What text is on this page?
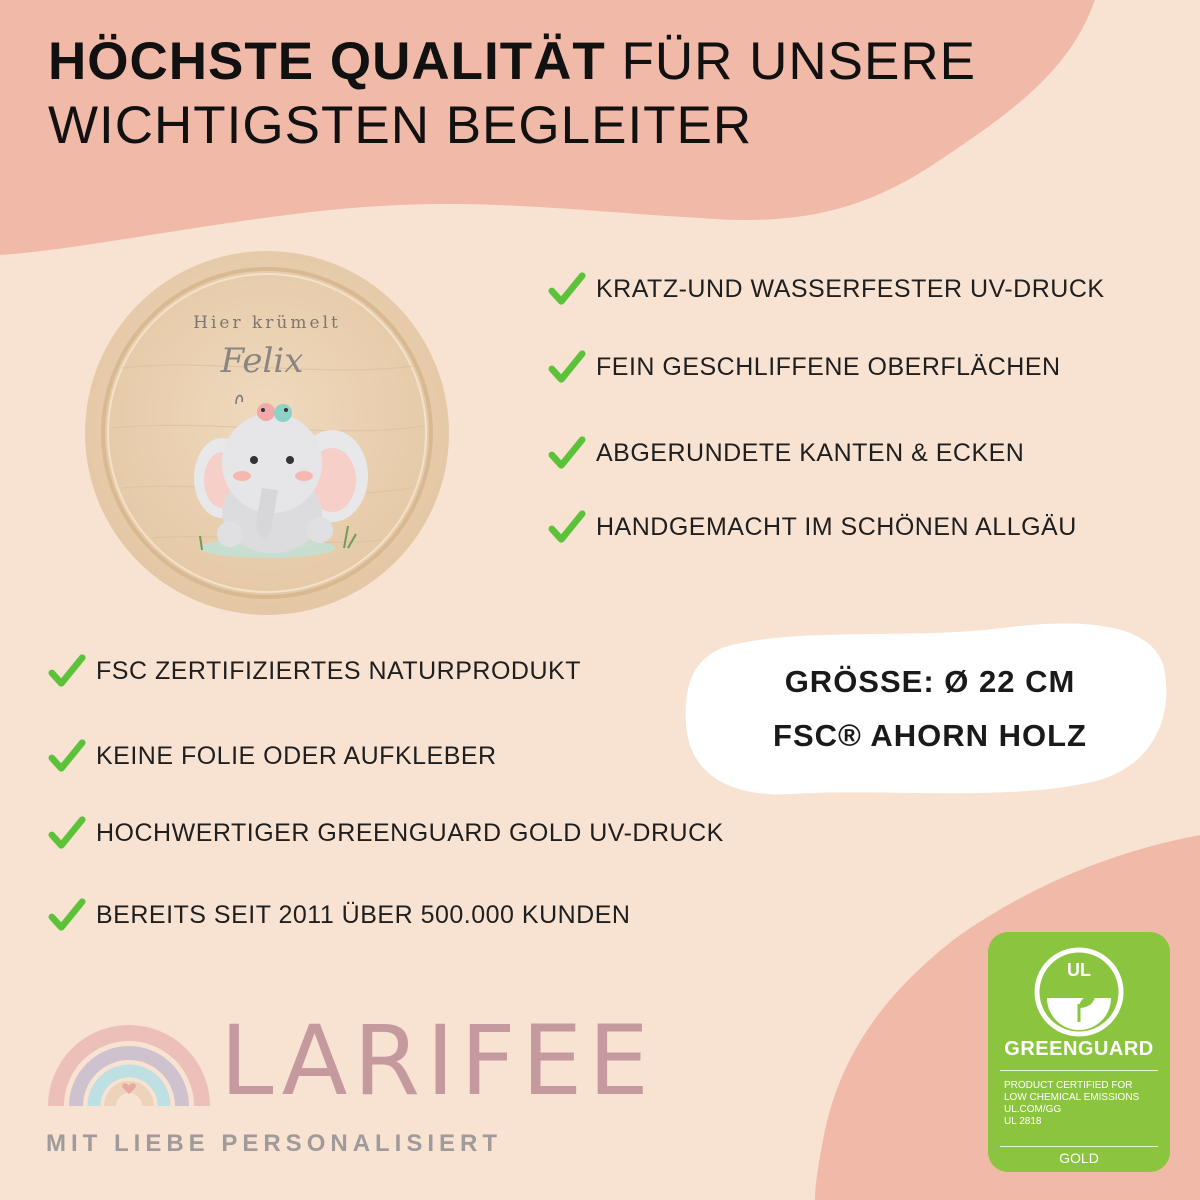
HÖCHSTE QUALITÄT FÜR UNSERE
WICHTIGSTEN BEGLEITER
Hier krümelt
Felix
KRATZ-UND WASSERFESTER UV-DRUCK
FEIN GESCHLIFFENE OBERFLÄCHEN
ABGERUNDETE KANTEN & ECKEN
HANDGEMACHT IM SCHÖNEN ALLGÄU
FSC ZERTIFIZIERTES NATURPRODUKT
KEINE FOLIE ODER AUFKLEBER
HOCHWERTIGER GREENGUARD GOLD UV-DRUCK
BEREITS SEIT 2011 ÜBER 500.000 KUNDEN
GRÖSSE: Ø 22 CM
FSC® AHORN HOLZ
LARIFEE
MIT LIEBE PERSONALISIERT
UL
GREENGUARD
PRODUCT CERTIFIED FOR
LOW CHEMICAL EMISSIONS
UL.COM/GG
UL 2818
GOLD
